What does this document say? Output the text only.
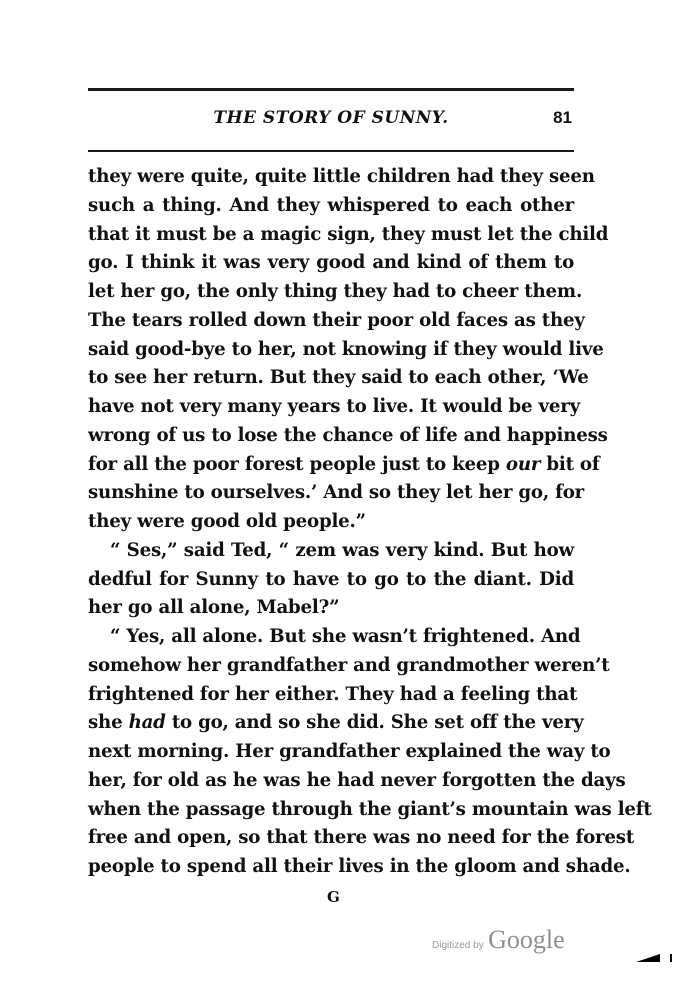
THE STORY OF SUNNY.	81
they were quite, quite little children had they seen
such a thing. And they whispered to each other
that it must be a magic sign, they must let the child
go. I think it was very good and kind of them to
let her go, the only thing they had to cheer them.
The tears rolled down their poor old faces as they
said good-bye to her, not knowing if they would live
to see her return. But they said to each other, ‘We
have not very many years to live. It would be very
wrong of us to lose the chance of life and happiness
for all the poor forest people just to keep our bit of
sunshine to ourselves.’ And so they let her go, for
they were good old people.”
“ Ses,” said Ted, “ zem was very kind. But how
dedful for Sunny to have to go to the diant. Did
her go all alone, Mabel?”
“ Yes, all alone. But she wasn’t frightened. And
somehow her grandfather and grandmother weren’t
frightened for her either. They had a feeling that
she had to go, and so she did. She set off the very
next morning. Her grandfather explained the way to
her, for old as he was he had never forgotten the days
when the passage through the giant’s mountain was left
free and open, so that there was no need for the forest
people to spend all their lives in the gloom and shade.
G
Digitized by Google
